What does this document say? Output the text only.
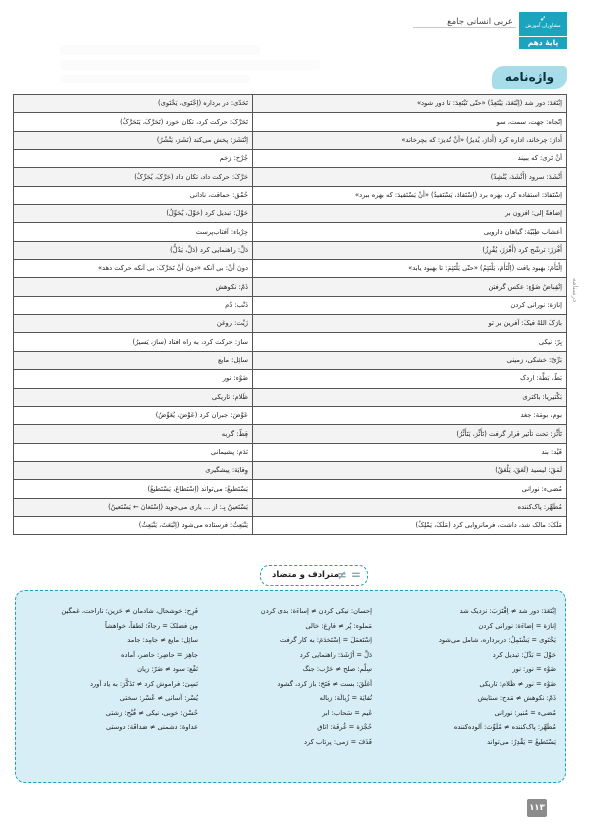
عربی انسانی جامع	➶
مشاوران آموزش
پایهٔ دهم
واژه‌نامه
درسنامه
تَحَدّی: در برداره (اِحْتَوی، یَحْتَوی)	اِبْتَعَدَ: دور شد (اِبْتَعَدَ، یَبْتَعِدُ) «حتّی تَبْتَعِدَ: تا دور شود»
تَحَرَّکَ: حرکت کرد، تکان خورد (تَحَرَّکَ، یَتَحَرَّکُ)	اِتّجاه: جهت، سمت، سو
اِنْتَشَرَ: پخش می‌کند (نَشَرَ، یَنْشُرُ)	أَدارَ: چرخاند، اداره کرد (أَدارَ، یُدیرُ) «أنْ تُدیرَ: که بچرخاند»
جُرْح: زخم	أنْ تَرى: که ببیند
حَرَّکَ: حرکت داد، تکان داد (حَرَّکَ، یُحَرِّکُ)	أَنْشَدَ: سرود (أَنْشَدَ، یُنْشِدُ)
حُمْق: حماقت، نادانی	اِسْتَفادَ: استفاده کرد، بهره برد (اِسْتَفادَ، یَسْتَفیدُ) «أنْ یَسْتَفیدَ: که بهره ببرد»
حَوَّلَ: تبدیل کرد (حَوَّلَ، یُحَوِّلُ)	إضافةً إلى: افزون بر
حِرْباء: آفتاب‌پرست	أعشاب طِبّیّة: گیاهان دارویی
دَلَّ: راهنمایی کرد (دَلَّ، یَدُلُّ)	أَفْرَزَ: ترشّح کرد (أَفْرَزَ، یُفْرِزُ)
دونَ أنْ: بی آنکه «دونَ أنْ تَحَرَّکَ: بی آنکه حرکت دهد»	اِلْتَأَمَ: بهبود یافت (اِلْتَأَمَ، یَلْتَئِمُ) «حتّی یَلْتَئِمَ: تا بهبود یابد»
ذَمّ: نکوهش	اِنْقِباضُ ضَوْءٍ: عکس گرفتن
ذَنْب: دُم	إنارَة: نورانی کردن
زَیْت: روغن	بارَکَ اللهُ فیکَ: آفرین بر تو
سارَ: حرکت کرد، به راه افتاد (سارَ، یَسیرُ)	بِرّ: نیکی
سائِل: مایع	بَرِّیّ: خشکی، زمینی
ضَوْء: نور	بَطّ، بَطَّة: اردک
ظَلام: تاریکی	بَکْتیریا: باکتری
عَوَّضَ: جبران کرد (عَوَّضَ، یُعَوِّضُ)	بوم، بومَة: جغد
قِطّ: گربه	تَأَثَّرَ: تحت تأثیر قرار گرفت (تَأَثَّرَ، یَتَأَثَّرُ)
نَدَم: پشیمانی	قَیْد: بند
وِقایَة: پیشگیری	لَمَقَ: لیسید (لَعَقَ، یَلْعَقُ)
یَسْتَطیعُ: می‌تواند (اِسْتَطاعَ، یَسْتَطیعُ)	مُضیء: نورانی
یَسْتَعینُ بِـ: از ... یاری می‌جوید (اِسْتَعانَ ← یَسْتَعینُ)	مُطَهِّر: پاک‌کننده
یَنْبَعِثُ: فرستاده می‌شود (اِنْبَعَثَ، یَنْبَعِثُ)	مَلَکَ: مالک شد، داشت، فرمانروایی کرد (مَلَکَ، یَمْلِکُ)
مترادف و متضاد
≠ =
اِبْتَعَدَ: دور شد ≠ اِقْتَرَبَ: نزدیک شد
إنارَة = إضاءَة: نورانی کردن
یَحْتَوی = یَشْتَمِلُ: دربرداره، شامل می‌شود
حَوَّلَ = بَدَّلَ: تبدیل کرد
ضَوْء = نور: نور
ضَوْء = نور ≠ ظَلام: تاریکی
ذَمّ: نکوهش ≠ مَدح: ستایش
مُضیء = مُنیر: نورانی
مُطَهِّر: پاک‌کننده ≠ مُلَوِّث: آلوده‌کننده
یَسْتَطیعُ = یَقْدِرُ: می‌تواند
إحسان: نیکی کردن ≠ إساءَة: بدی کردن
مَملوء: پُر ≠ فارِغ: خالی
اِسْتَعمَلَ = اِسْتَخدَمَ: به کار گرفت
دَلَّ = أرْشَدَ: راهنمایی کرد
سِلْم: صلح ≠ حَرْب: جنگ
أغلَقَ: بست ≠ فَتَحَ: باز کرد، گشود
نُفایَة = زُبالَة: زباله
غَیم = سَحاب: ابر
حُجْرَة = غُرفَة: اتاق
قَذَفَ = رَمی: پرتاب کرد
فَرِح: خوشحال، شادمان ≠ حَزین: ناراحت، غمگین
مِن فضلکَ = رجاءً: لطفاً، خواهشاً
سائِل: مایع ≠ جامِد: جامد
جاهِز = حاضِر: حاضر، آماده
نَفْع: سود ≠ ضَرّ: زیان
نَسِیَ: فراموش کرد ≠ تَذَکَّرَ: به یاد آورد
یُسْر: آسانی ≠ عُسْر: سختی
حُسْن: خوبی، نیکی ≠ قُبْح: زشتی
عداوة: دشمنی ≠ صَداقَة: دوستی
۱۱۳
